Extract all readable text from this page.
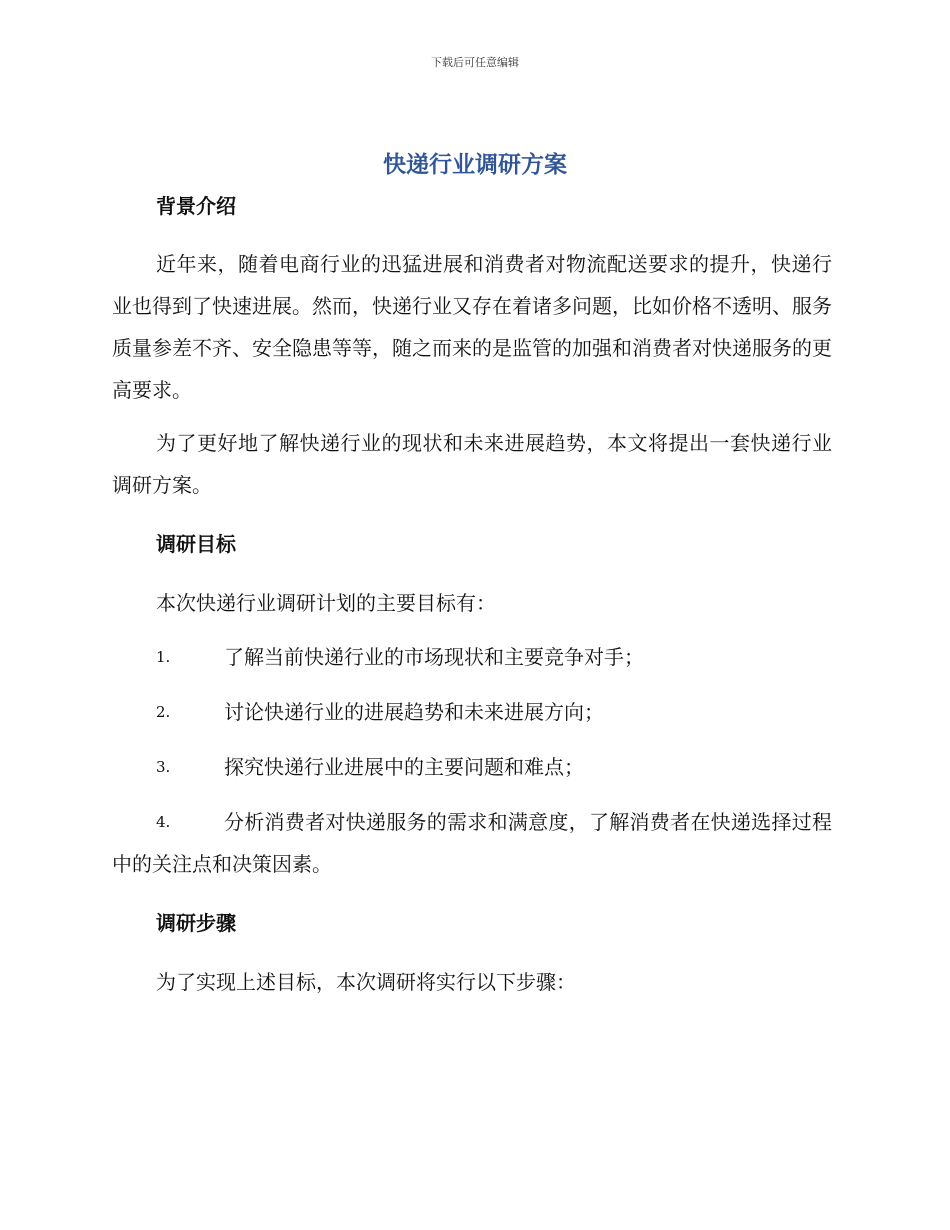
下载后可任意编辑
快递行业调研方案
背景介绍

近年来，随着电商行业的迅猛进展和消费者对物流配送要求的提升，快递行业也得到了快速进展。然而，快递行业又存在着诸多问题，比如价格不透明、服务质量参差不齐、安全隐患等等，随之而来的是监管的加强和消费者对快递服务的更高要求。

为了更好地了解快递行业的现状和未来进展趋势，本文将提出一套快递行业调研方案。

调研目标

本次快递行业调研计划的主要目标有：

1.	了解当前快递行业的市场现状和主要竞争对手；

2.	讨论快递行业的进展趋势和未来进展方向；

3.	探究快递行业进展中的主要问题和难点；

4.	分析消费者对快递服务的需求和满意度，了解消费者在快递选择过程中的关注点和决策因素。

调研步骤

为了实现上述目标，本次调研将实行以下步骤：
